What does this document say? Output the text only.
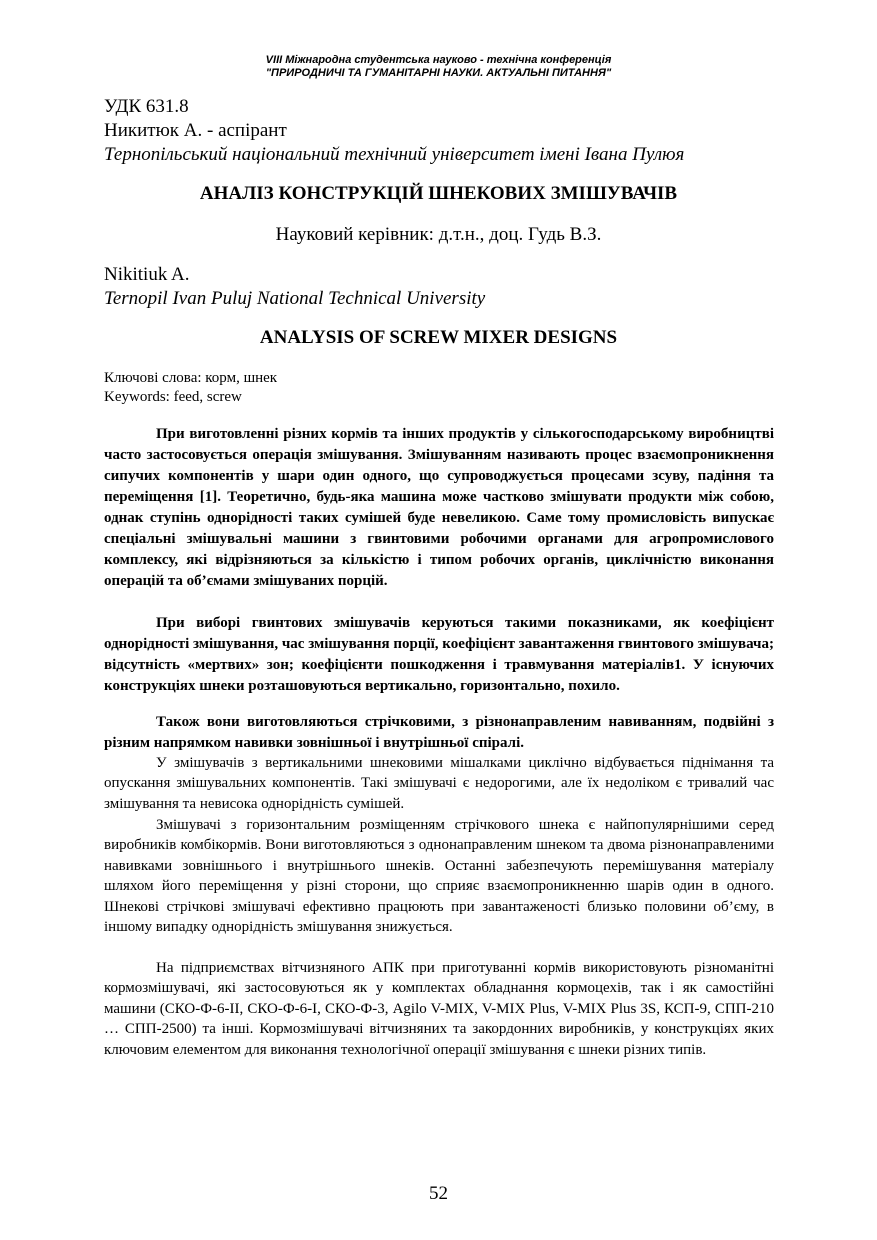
VIII Міжнародна студентська науково - технічна конференція
"ПРИРОДНИЧІ ТА ГУМАНІТАРНІ НАУКИ. АКТУАЛЬНІ ПИТАННЯ"
УДК 631.8
Никитюк А. - аспірант
Тернопільський національний технічний університет імені Івана Пулюя
АНАЛІЗ КОНСТРУКЦІЙ ШНЕКОВИХ ЗМІШУВАЧІВ
Науковий керівник: д.т.н., доц. Гудь В.З.
Nikitiuk A.
Ternopil Ivan Puluj National Technical University
ANALYSIS OF SCREW MIXER DESIGNS
Ключові слова: корм, шнек
Keywords: feed, screw

При виготовленні різних кормів та інших продуктів у сількогосподарському виробництві часто застосовується операція змішування. Змішуванням називають процес взаємопроникнення сипучих компонентів у шари один одного, що супроводжується процесами зсуву, падіння та переміщення [1]. Теоретично, будь-яка машина може частково змішувати продукти між собою, однак ступінь однорідності таких сумішей буде невеликою. Саме тому промисловість випускає спеціальні змішувальні машини з гвинтовими робочими органами для агропромислового комплексу, які відрізняються за кількістю і типом робочих органів, циклічністю виконання операцій та об’ємами змішуваних порцій.

При виборі гвинтових змішувачів керуються такими показниками, як коефіцієнт однорідності змішування, час змішування порції, коефіцієнт завантаження гвинтового змішувача; відсутність «мертвих» зон; коефіцієнти пошкодження і травмування матеріалів1. У існуючих конструкціях шнеки розташовуються вертикально, горизонтально, похило.

Також вони виготовляються стрічковими, з різнонаправленим навиванням, подвійні з різним напрямком навивки зовнішньої і внутрішньої спіралі.

У змішувачів з вертикальними шнековими мішалками циклічно відбувається піднімання та опускання змішувальних компонентів. Такі змішувачі є недорогими, але їх недоліком є тривалий час змішування та невисока однорідність сумішей.

Змішувачі з горизонтальним розміщенням стрічкового шнека є найпопулярнішими серед виробників комбікормів. Вони виготовляються з однонаправленим шнеком та двома різнонаправленими навивками зовнішнього і внутрішнього шнеків. Останні забезпечують перемішування матеріалу шляхом його переміщення у різні сторони, що сприяє взаємопроникненню шарів один в одного. Шнекові стрічкові змішувачі ефективно працюють при завантаженості близько половини об’єму, в іншому випадку однорідність змішування знижується.

На підприємствах вітчизняного АПК при приготуванні кормів використовують різноманітні кормозмішувачі, які застосовуються як у комплектах обладнання кормоцехів, так і як самостійні машини (СКО-Ф-6-ІІ, СКО-Ф-6-І, СКО-Ф-3, Agilo V-MIX, V-MIX Plus, V-MIX Plus 3S, КСП-9, СПП-210 … СПП-2500) та інші. Кормозмішувачі вітчизняних та закордонних виробників, у конструкціях яких ключовим елементом для виконання технологічної операції змішування є шнеки різних типів.

52
